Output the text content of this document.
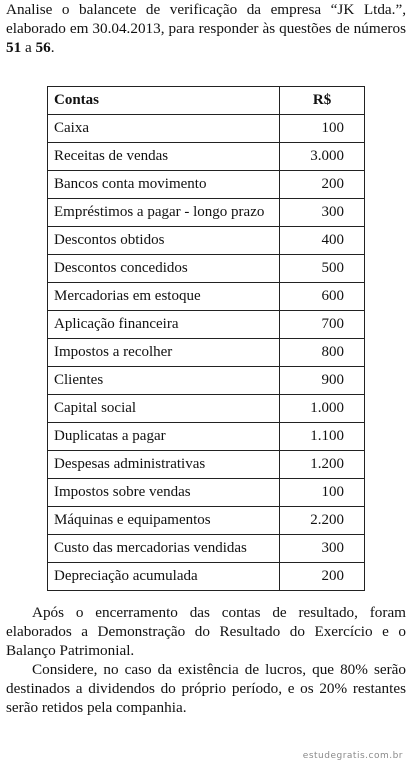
Analise o balancete de verificação da empresa “JK Ltda.”, elaborado em 30.04.2013, para responder às questões de números 51 a 56.

Contas	R$
Caixa	100
Receitas de vendas	3.000
Bancos conta movimento	200
Empréstimos a pagar - longo prazo	300
Descontos obtidos	400
Descontos concedidos	500
Mercadorias em estoque	600
Aplicação financeira	700
Impostos a recolher	800
Clientes	900
Capital social	1.000
Duplicatas a pagar	1.100
Despesas administrativas	1.200
Impostos sobre vendas	100
Máquinas e equipamentos	2.200
Custo das mercadorias vendidas	300
Depreciação acumulada	200

Após o encerramento das contas de resultado, foram elaborados a Demonstração do Resultado do Exercício e o Balanço Patrimonial.

Considere, no caso da existência de lucros, que 80% serão destinados a dividendos do próprio período, e os 20% restantes serão retidos pela companhia.

estudegratis.com.br
